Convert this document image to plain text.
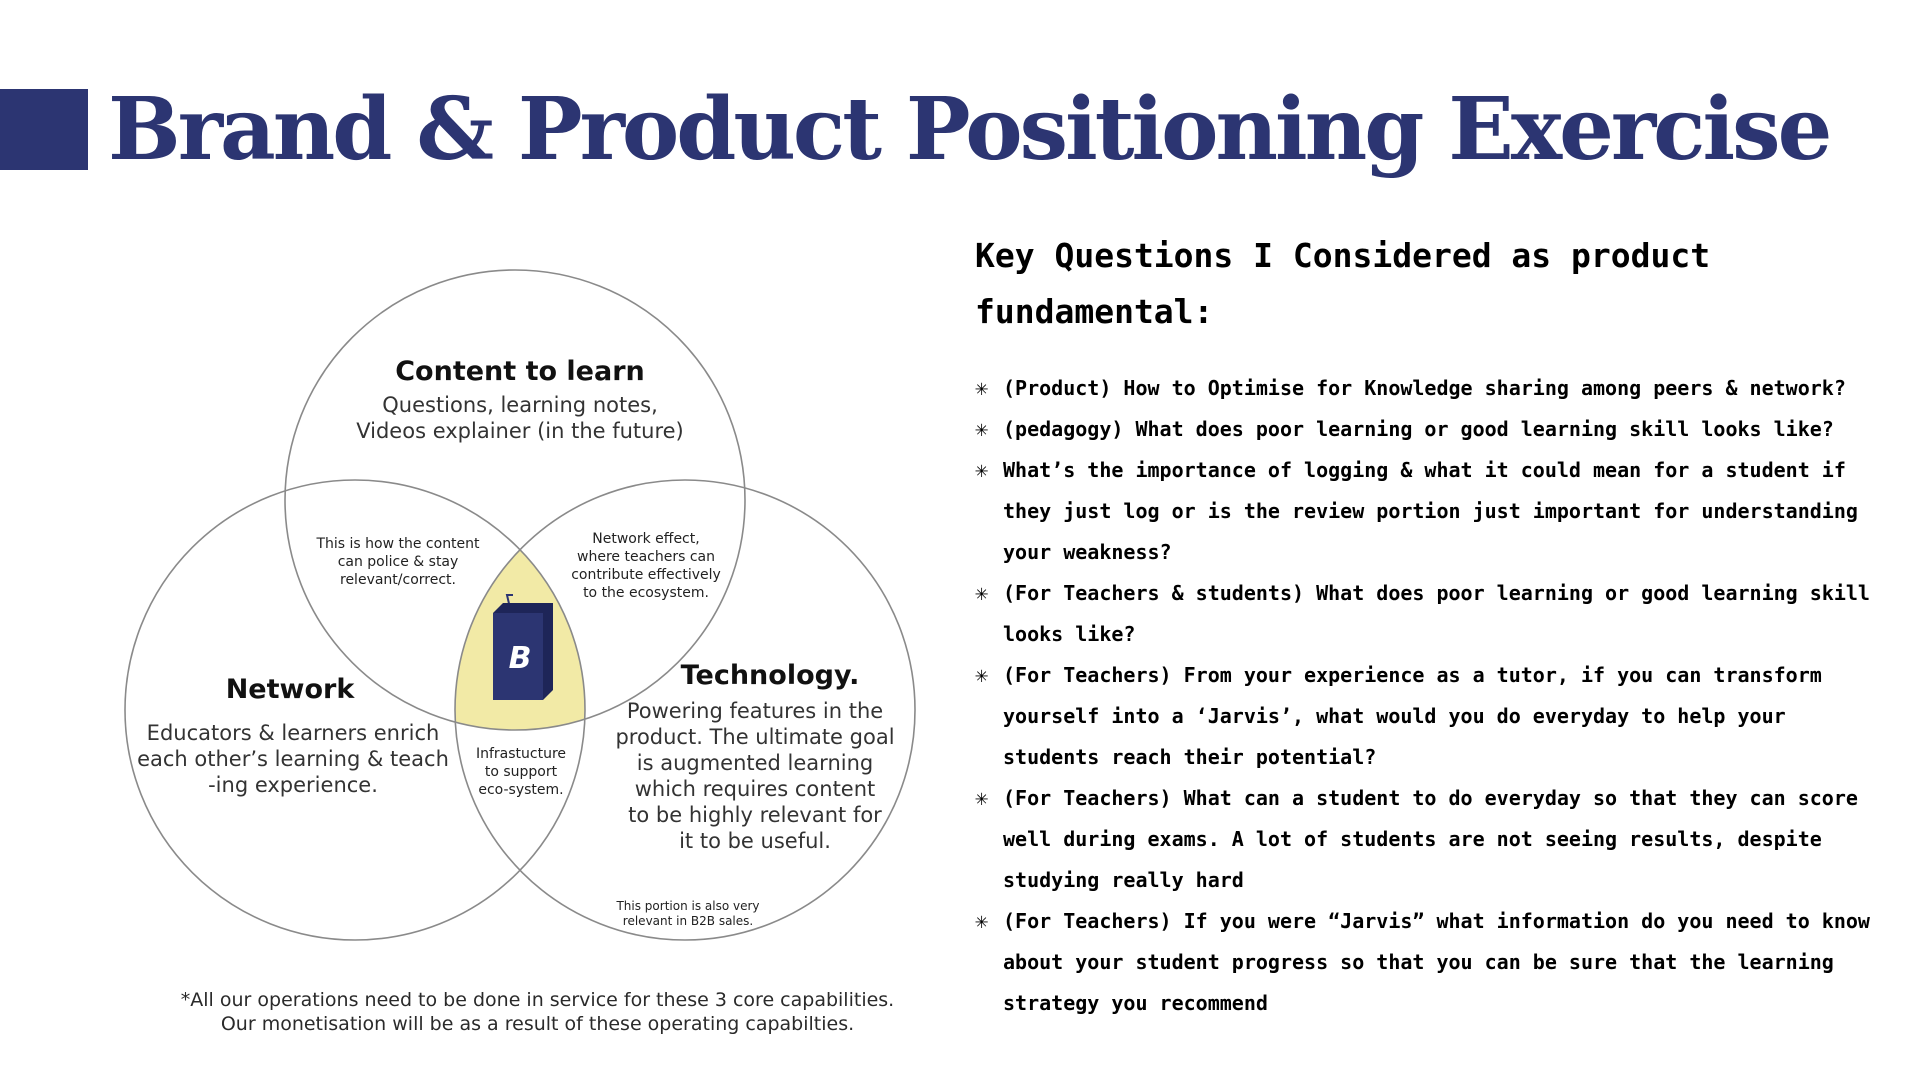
Brand & Product Positioning Exercise
B
Content to learn
Questions, learning notes,
Videos explainer (in the future)
Network
Educators & learners enrich
each other’s learning & teach
-ing experience.
Technology.
Powering features in the
product. The ultimate goal
is augmented learning
which requires content
to be highly relevant for
it to be useful.
This is how the content
can police & stay
relevant/correct.
Network effect,
where teachers can
contribute effectively
to the ecosystem.
Infrastucture
to support
eco-system.
This portion is also very
relevant in B2B sales.
*All our operations need to be done in service for these 3 core capabilities.
Our monetisation will be as a result of these operating capabilties.
Key Questions I Considered as product fundamental:
✳ (Product) How to Optimise for Knowledge sharing among peers & network?
✳ (pedagogy) What does poor learning or good learning skill looks like?
✳ What’s the importance of logging & what it could mean for a student if they just log or is the review portion just important for understanding your weakness?
✳ (For Teachers & students) What does poor learning or good learning skill looks like?
✳ (For Teachers) From your experience as a tutor, if you can transform yourself into a ‘Jarvis’, what would you do everyday to help your students reach their potential?
✳ (For Teachers) What can a student to do everyday so that they can score well during exams. A lot of students are not seeing results, despite studying really hard
✳ (For Teachers) If you were “Jarvis” what information do you need to know about your student progress so that you can be sure that the learning strategy you recommend
